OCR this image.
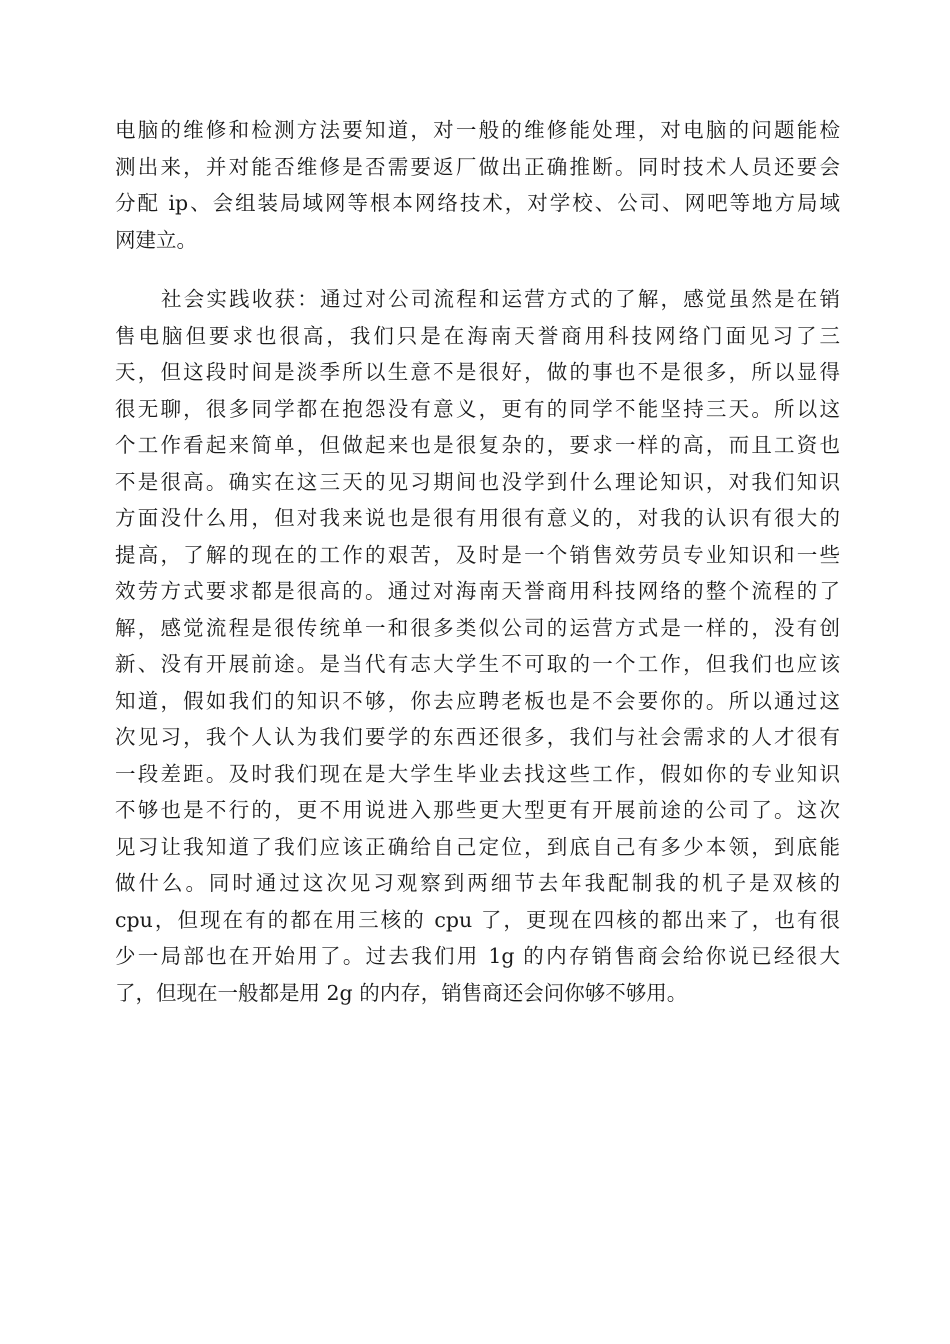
电脑的维修和检测方法要知道，对一般的维修能处理，对电脑的问题能检
测出来，并对能否维修是否需要返厂做出正确推断。同时技术人员还要会
分配 ip、会组装局域网等根本网络技术，对学校、公司、网吧等地方局域
网建立。
社会实践收获：通过对公司流程和运营方式的了解，感觉虽然是在销
售电脑但要求也很高，我们只是在海南天誉商用科技网络门面见习了三
天，但这段时间是淡季所以生意不是很好，做的事也不是很多，所以显得
很无聊，很多同学都在抱怨没有意义，更有的同学不能坚持三天。所以这
个工作看起来简单，但做起来也是很复杂的，要求一样的高，而且工资也
不是很高。确实在这三天的见习期间也没学到什么理论知识，对我们知识
方面没什么用，但对我来说也是很有用很有意义的，对我的认识有很大的
提高，了解的现在的工作的艰苦，及时是一个销售效劳员专业知识和一些
效劳方式要求都是很高的。通过对海南天誉商用科技网络的整个流程的了
解，感觉流程是很传统单一和很多类似公司的运营方式是一样的，没有创
新、没有开展前途。是当代有志大学生不可取的一个工作，但我们也应该
知道，假如我们的知识不够，你去应聘老板也是不会要你的。所以通过这
次见习，我个人认为我们要学的东西还很多，我们与社会需求的人才很有
一段差距。及时我们现在是大学生毕业去找这些工作，假如你的专业知识
不够也是不行的，更不用说进入那些更大型更有开展前途的公司了。这次
见习让我知道了我们应该正确给自己定位，到底自己有多少本领，到底能
做什么。同时通过这次见习观察到两细节去年我配制我的机子是双核的
cpu，但现在有的都在用三核的 cpu 了，更现在四核的都出来了，也有很
少一局部也在开始用了。过去我们用 1g 的内存销售商会给你说已经很大
了，但现在一般都是用 2g 的内存，销售商还会问你够不够用。
